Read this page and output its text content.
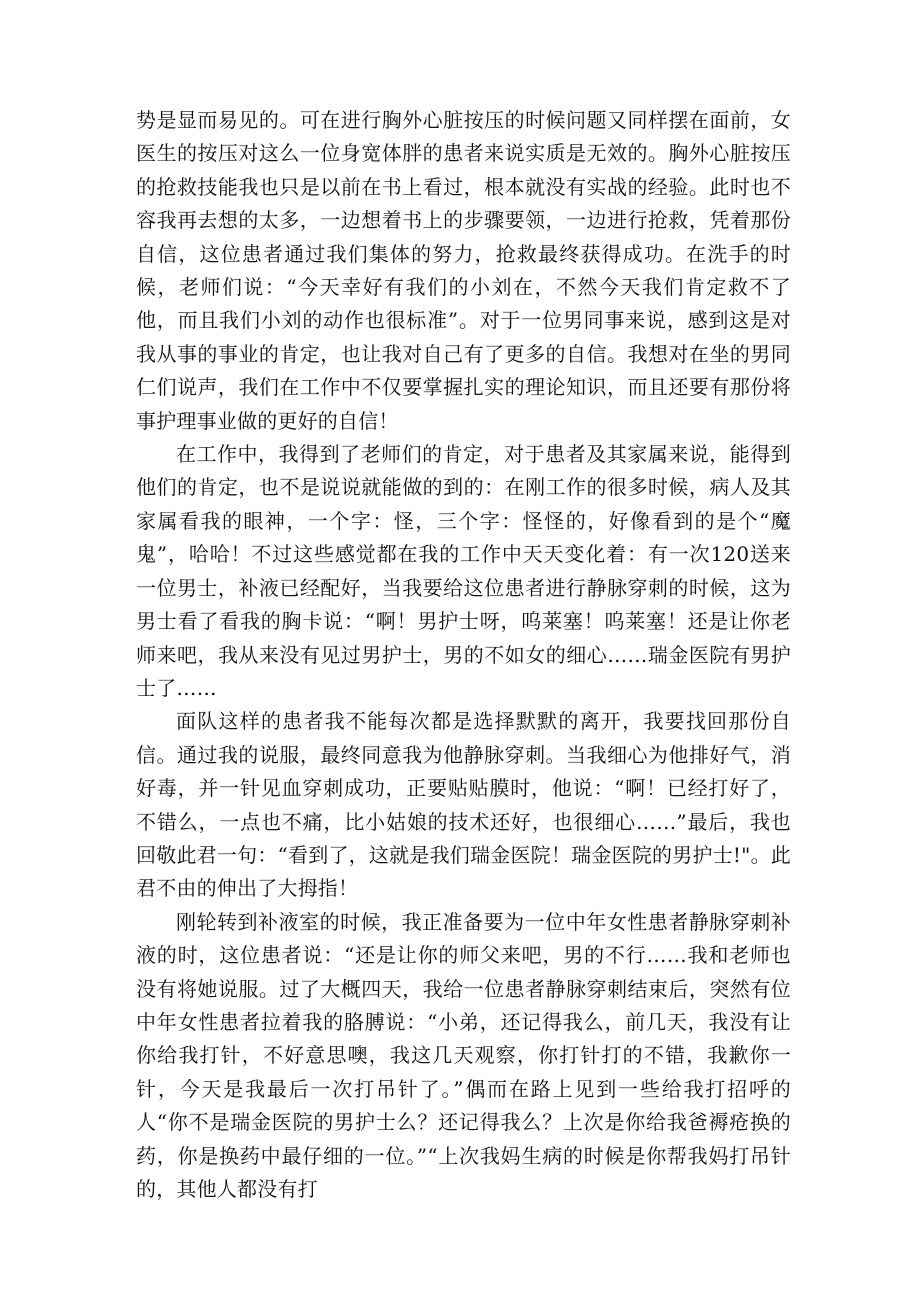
势是显而易见的。可在进行胸外心脏按压的时候问题又同样摆在面前，女医生的按压对这么一位身宽体胖的患者来说实质是无效的。胸外心脏按压的抢救技能我也只是以前在书上看过，根本就没有实战的经验。此时也不容我再去想的太多，一边想着书上的步骤要领，一边进行抢救，凭着那份自信，这位患者通过我们集体的努力，抢救最终获得成功。在洗手的时候，老师们说：“今天幸好有我们的小刘在，不然今天我们肯定救不了他，而且我们小刘的动作也很标准”。对于一位男同事来说，感到这是对我从事的事业的肯定，也让我对自己有了更多的自信。我想对在坐的男同仁们说声，我们在工作中不仅要掌握扎实的理论知识，而且还要有那份将事护理事业做的更好的自信！

在工作中，我得到了老师们的肯定，对于患者及其家属来说，能得到他们的肯定，也不是说说就能做的到的：在刚工作的很多时候，病人及其家属看我的眼神，一个字：怪，三个字：怪怪的，好像看到的是个“魔鬼”，哈哈！不过这些感觉都在我的工作中天天变化着：有一次120送来一位男士，补液已经配好，当我要给这位患者进行静脉穿刺的时候，这为男士看了看我的胸卡说：“啊！男护士呀，呜莱塞！呜莱塞！还是让你老师来吧，我从来没有见过男护士，男的不如女的细心……瑞金医院有男护士了……

面队这样的患者我不能每次都是选择默默的离开，我要找回那份自信。通过我的说服，最终同意我为他静脉穿刺。当我细心为他排好气，消好毒，并一针见血穿刺成功，正要贴贴膜时，他说：“啊！已经打好了，不错么，一点也不痛，比小姑娘的技术还好，也很细心……”最后，我也回敬此君一句：“看到了，这就是我们瑞金医院！瑞金医院的男护士!"。此君不由的伸出了大拇指！

刚轮转到补液室的时候，我正准备要为一位中年女性患者静脉穿刺补液的时，这位患者说：“还是让你的师父来吧，男的不行……我和老师也没有将她说服。过了大概四天，我给一位患者静脉穿刺结束后，突然有位中年女性患者拉着我的胳膊说：“小弟，还记得我么，前几天，我没有让你给我打针，不好意思噢，我这几天观察，你打针打的不错，我歉你一针，今天是我最后一次打吊针了。”偶而在路上见到一些给我打招呼的人“你不是瑞金医院的男护士么？还记得我么？上次是你给我爸褥疮换的药，你是换药中最仔细的一位。”“上次我妈生病的时候是你帮我妈打吊针的，其他人都没有打
